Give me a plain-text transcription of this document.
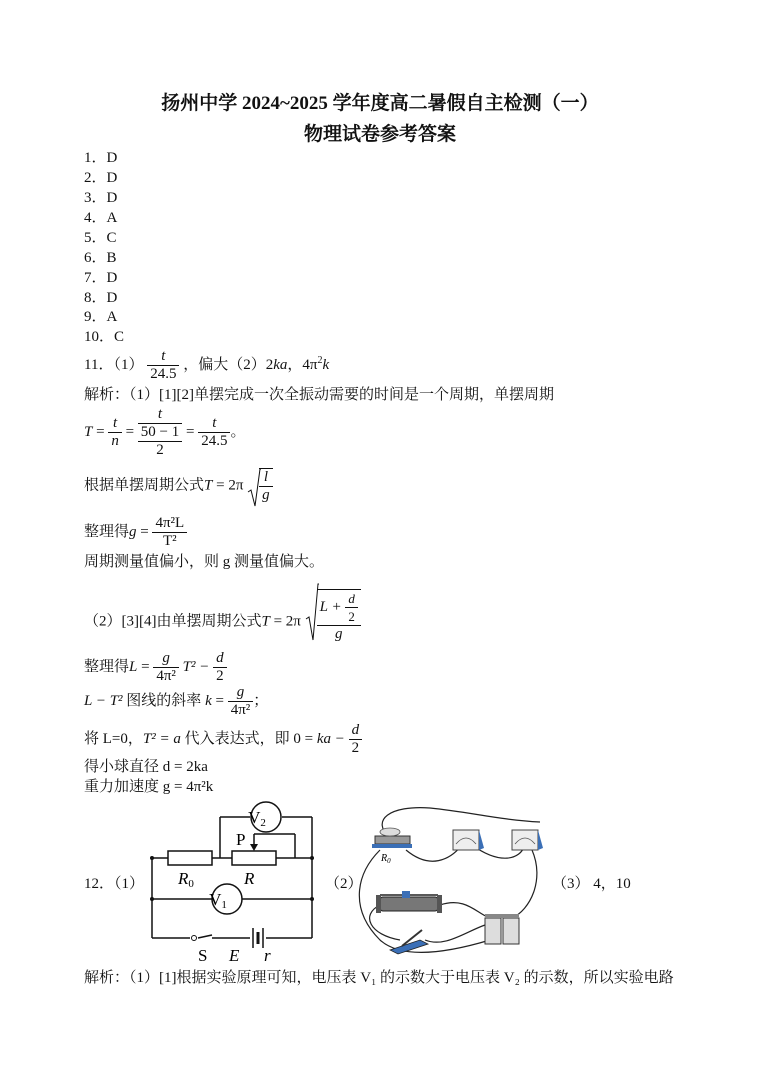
扬州中学 2024~2025 学年度高二暑假自主检测（一）
物理试卷参考答案
1．D
2．D
3．D
4．A
5．C
6．B
7．D
8．D
9．A
10．C
11．$(1) \frac{t}{24.5}$ ，偏大（2）2ka，$4\pi^2k$
解析：（1）[1][2]单摆完成一次全振动需要的时间是一个周期，单摆周期
$T = \frac{t}{n} = \frac{t}{\frac{50 - 1}{2}} = \frac{t}{24.5}$ 。
根据单摆周期公式$T = 2\pi \frac{l}{g}$
整理得$g = \frac{\text{4π²L}}{\text{T²}}$
周期测量值偏小，则 g 测量值偏大。
（2）[3][4]由单摆周期公式$T = 2\pi \frac{L + \frac{d}{2}}{g}$
整理得$L = \frac{g}{\text{4π²}} T^2 - \frac{d}{2}$
L − T² 图线的斜率 $k = \frac{g}{\text{4π²}}$ ；
将 L=0，T² = a 代入表达式，即 0 = ka − $\frac{d}{2}$
得小球直径 d = 2ka
重力加速度 g = 4π²k
12．（1）	（2）	（3） 4，10
V2
V1
P
R0	R
S E r
$R_0$
解析：（1）[1]根据实验原理可知，电压表 V₁ 的示数大于电压表 V₂ 的示数，所以实验电路
